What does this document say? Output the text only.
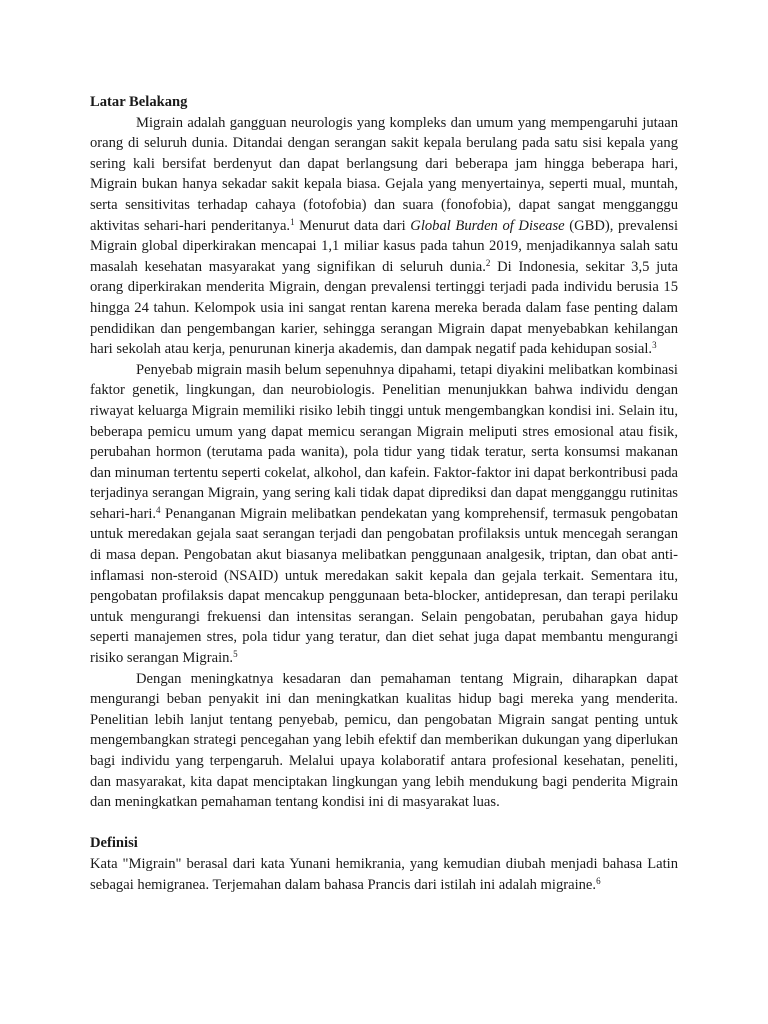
Latar Belakang

Migrain adalah gangguan neurologis yang kompleks dan umum yang mempengaruhi jutaan orang di seluruh dunia. Ditandai dengan serangan sakit kepala berulang pada satu sisi kepala yang sering kali bersifat berdenyut dan dapat berlangsung dari beberapa jam hingga beberapa hari, Migrain bukan hanya sekadar sakit kepala biasa. Gejala yang menyertainya, seperti mual, muntah, serta sensitivitas terhadap cahaya (fotofobia) dan suara (fonofobia), dapat sangat mengganggu aktivitas sehari-hari penderitanya.$^1$ Menurut data dari Global Burden of Disease (GBD), prevalensi Migrain global diperkirakan mencapai 1,1 miliar kasus pada tahun 2019, menjadikannya salah satu masalah kesehatan masyarakat yang signifikan di seluruh dunia.$^2$ Di Indonesia, sekitar 3,5 juta orang diperkirakan menderita Migrain, dengan prevalensi tertinggi terjadi pada individu berusia 15 hingga 24 tahun. Kelompok usia ini sangat rentan karena mereka berada dalam fase penting dalam pendidikan dan pengembangan karier, sehingga serangan Migrain dapat menyebabkan kehilangan hari sekolah atau kerja, penurunan kinerja akademis, dan dampak negatif pada kehidupan sosial.$^3$

Penyebab migrain masih belum sepenuhnya dipahami, tetapi diyakini melibatkan kombinasi faktor genetik, lingkungan, dan neurobiologis. Penelitian menunjukkan bahwa individu dengan riwayat keluarga Migrain memiliki risiko lebih tinggi untuk mengembangkan kondisi ini. Selain itu, beberapa pemicu umum yang dapat memicu serangan Migrain meliputi stres emosional atau fisik, perubahan hormon (terutama pada wanita), pola tidur yang tidak teratur, serta konsumsi makanan dan minuman tertentu seperti cokelat, alkohol, dan kafein. Faktor-faktor ini dapat berkontribusi pada terjadinya serangan Migrain, yang sering kali tidak dapat diprediksi dan dapat mengganggu rutinitas sehari-hari.$^4$ Penanganan Migrain melibatkan pendekatan yang komprehensif, termasuk pengobatan untuk meredakan gejala saat serangan terjadi dan pengobatan profilaksis untuk mencegah serangan di masa depan. Pengobatan akut biasanya melibatkan penggunaan analgesik, triptan, dan obat anti-inflamasi non-steroid (NSAID) untuk meredakan sakit kepala dan gejala terkait. Sementara itu, pengobatan profilaksis dapat mencakup penggunaan beta-blocker, antidepresan, dan terapi perilaku untuk mengurangi frekuensi dan intensitas serangan. Selain pengobatan, perubahan gaya hidup seperti manajemen stres, pola tidur yang teratur, dan diet sehat juga dapat membantu mengurangi risiko serangan Migrain.$^5$

Dengan meningkatnya kesadaran dan pemahaman tentang Migrain, diharapkan dapat mengurangi beban penyakit ini dan meningkatkan kualitas hidup bagi mereka yang menderita. Penelitian lebih lanjut tentang penyebab, pemicu, dan pengobatan Migrain sangat penting untuk mengembangkan strategi pencegahan yang lebih efektif dan memberikan dukungan yang diperlukan bagi individu yang terpengaruh. Melalui upaya kolaboratif antara profesional kesehatan, peneliti, dan masyarakat, kita dapat menciptakan lingkungan yang lebih mendukung bagi penderita Migrain dan meningkatkan pemahaman tentang kondisi ini di masyarakat luas.

Definisi

Kata "Migrain" berasal dari kata Yunani hemikrania, yang kemudian diubah menjadi bahasa Latin sebagai hemigranea. Terjemahan dalam bahasa Prancis dari istilah ini adalah migraine.$^6$
